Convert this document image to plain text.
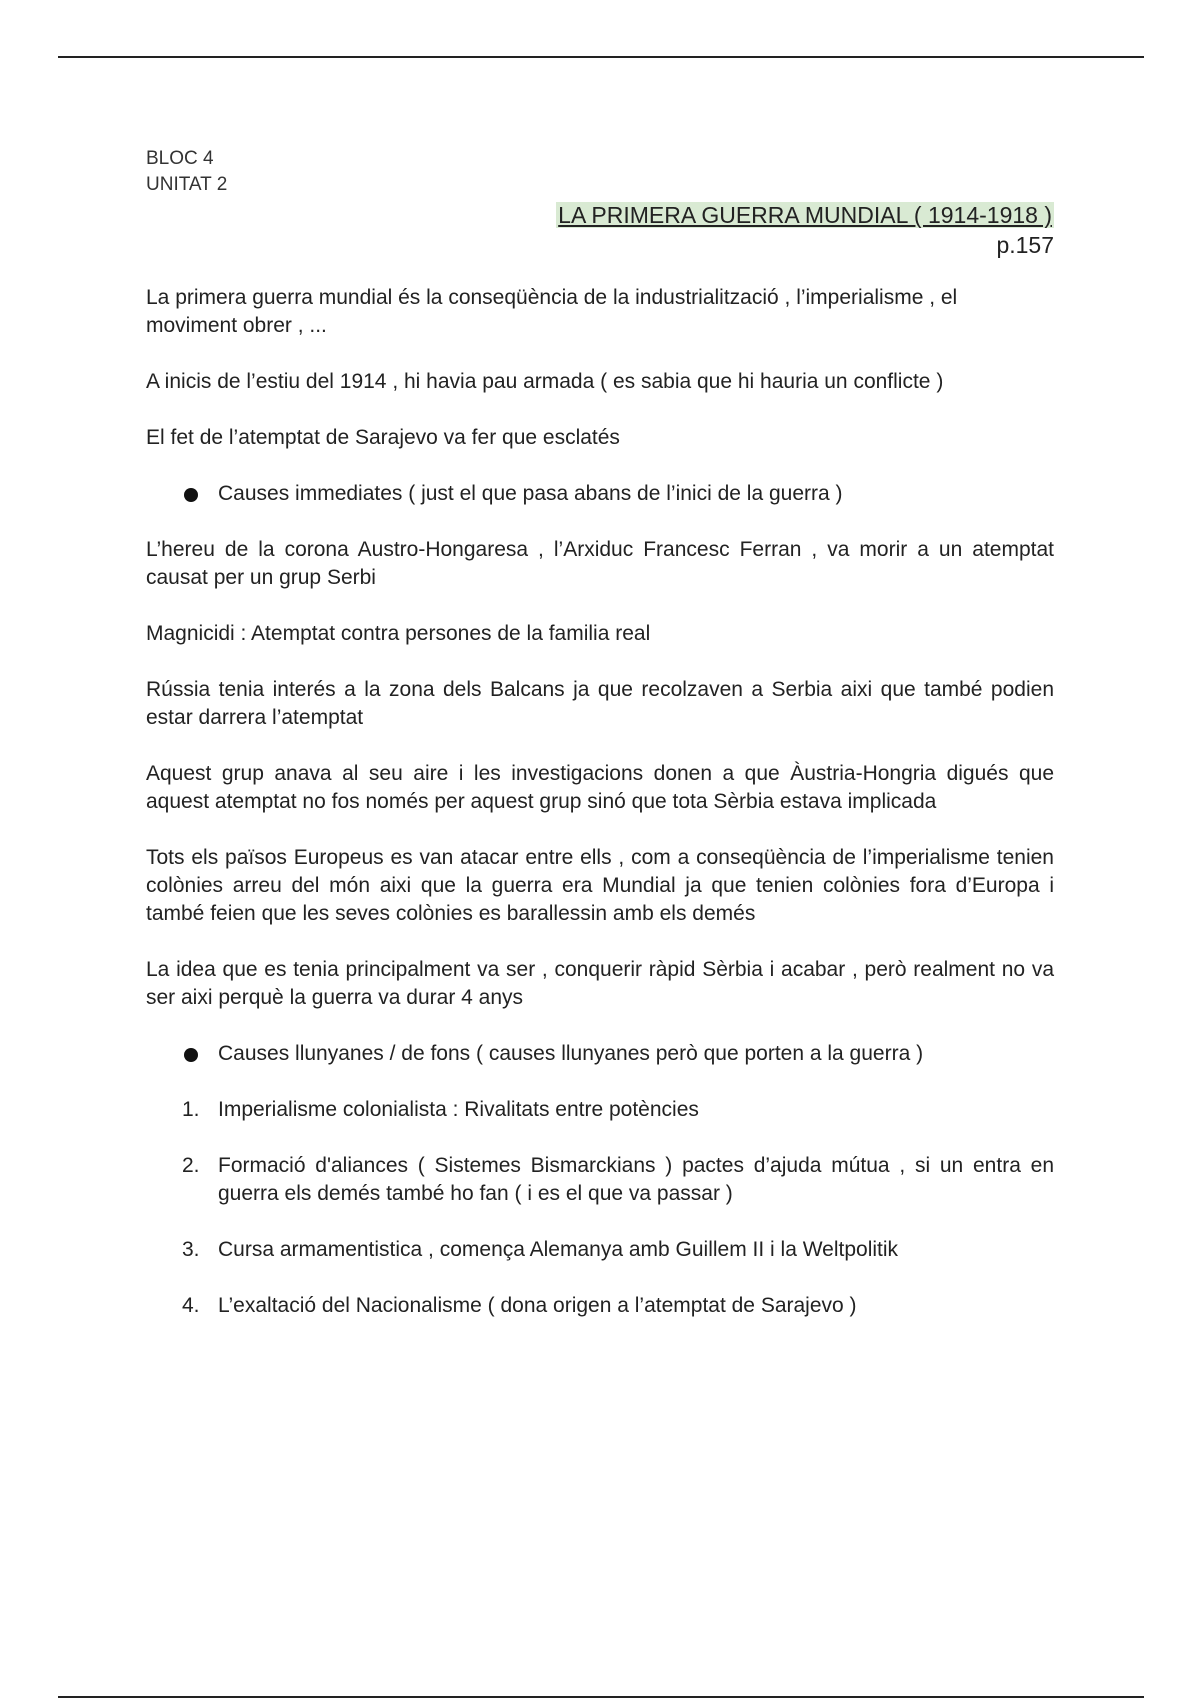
BLOC 4
UNITAT 2
LA PRIMERA GUERRA MUNDIAL ( 1914-1918 )
p.157

La primera guerra mundial és la conseqüència de la industrialització , l’imperialisme , el moviment obrer , ...

A inicis de l’estiu del 1914 , hi havia pau armada ( es sabia que hi hauria un conflicte )

El fet de l’atemptat de Sarajevo va fer que esclatés

Causes immediates ( just el que pasa abans de l’inici de la guerra )

L’hereu de la corona Austro-Hongaresa , l’Arxiduc Francesc Ferran , va morir a un atemptat causat per un grup Serbi

Magnicidi : Atemptat contra persones de la familia real

Rússia tenia interés a la zona dels Balcans ja que recolzaven a Serbia aixi que també podien estar darrera l’atemptat

Aquest grup anava al seu aire i les investigacions donen a que Àustria-Hongria digués que aquest atemptat no fos només per aquest grup sinó que tota Sèrbia estava implicada

Tots els països Europeus es van atacar entre ells , com a conseqüència de l’imperialisme tenien colònies arreu del món aixi que la guerra era Mundial ja que tenien colònies fora d’Europa i també feien que les seves colònies es barallessin amb els demés

La idea que es tenia principalment va ser , conquerir ràpid Sèrbia i acabar , però realment no va ser aixi perquè la guerra va durar 4 anys

Causes llunyanes / de fons ( causes llunyanes però que porten a la guerra )
1. Imperialisme colonialista : Rivalitats entre potències
2. Formació d'aliances ( Sistemes Bismarckians ) pactes d’ajuda mútua , si un entra en guerra els demés també ho fan ( i es el que va passar )
3. Cursa armamentistica , comença Alemanya amb Guillem II i la Weltpolitik
4. L’exaltació del Nacionalisme ( dona origen a l’atemptat de Sarajevo )
